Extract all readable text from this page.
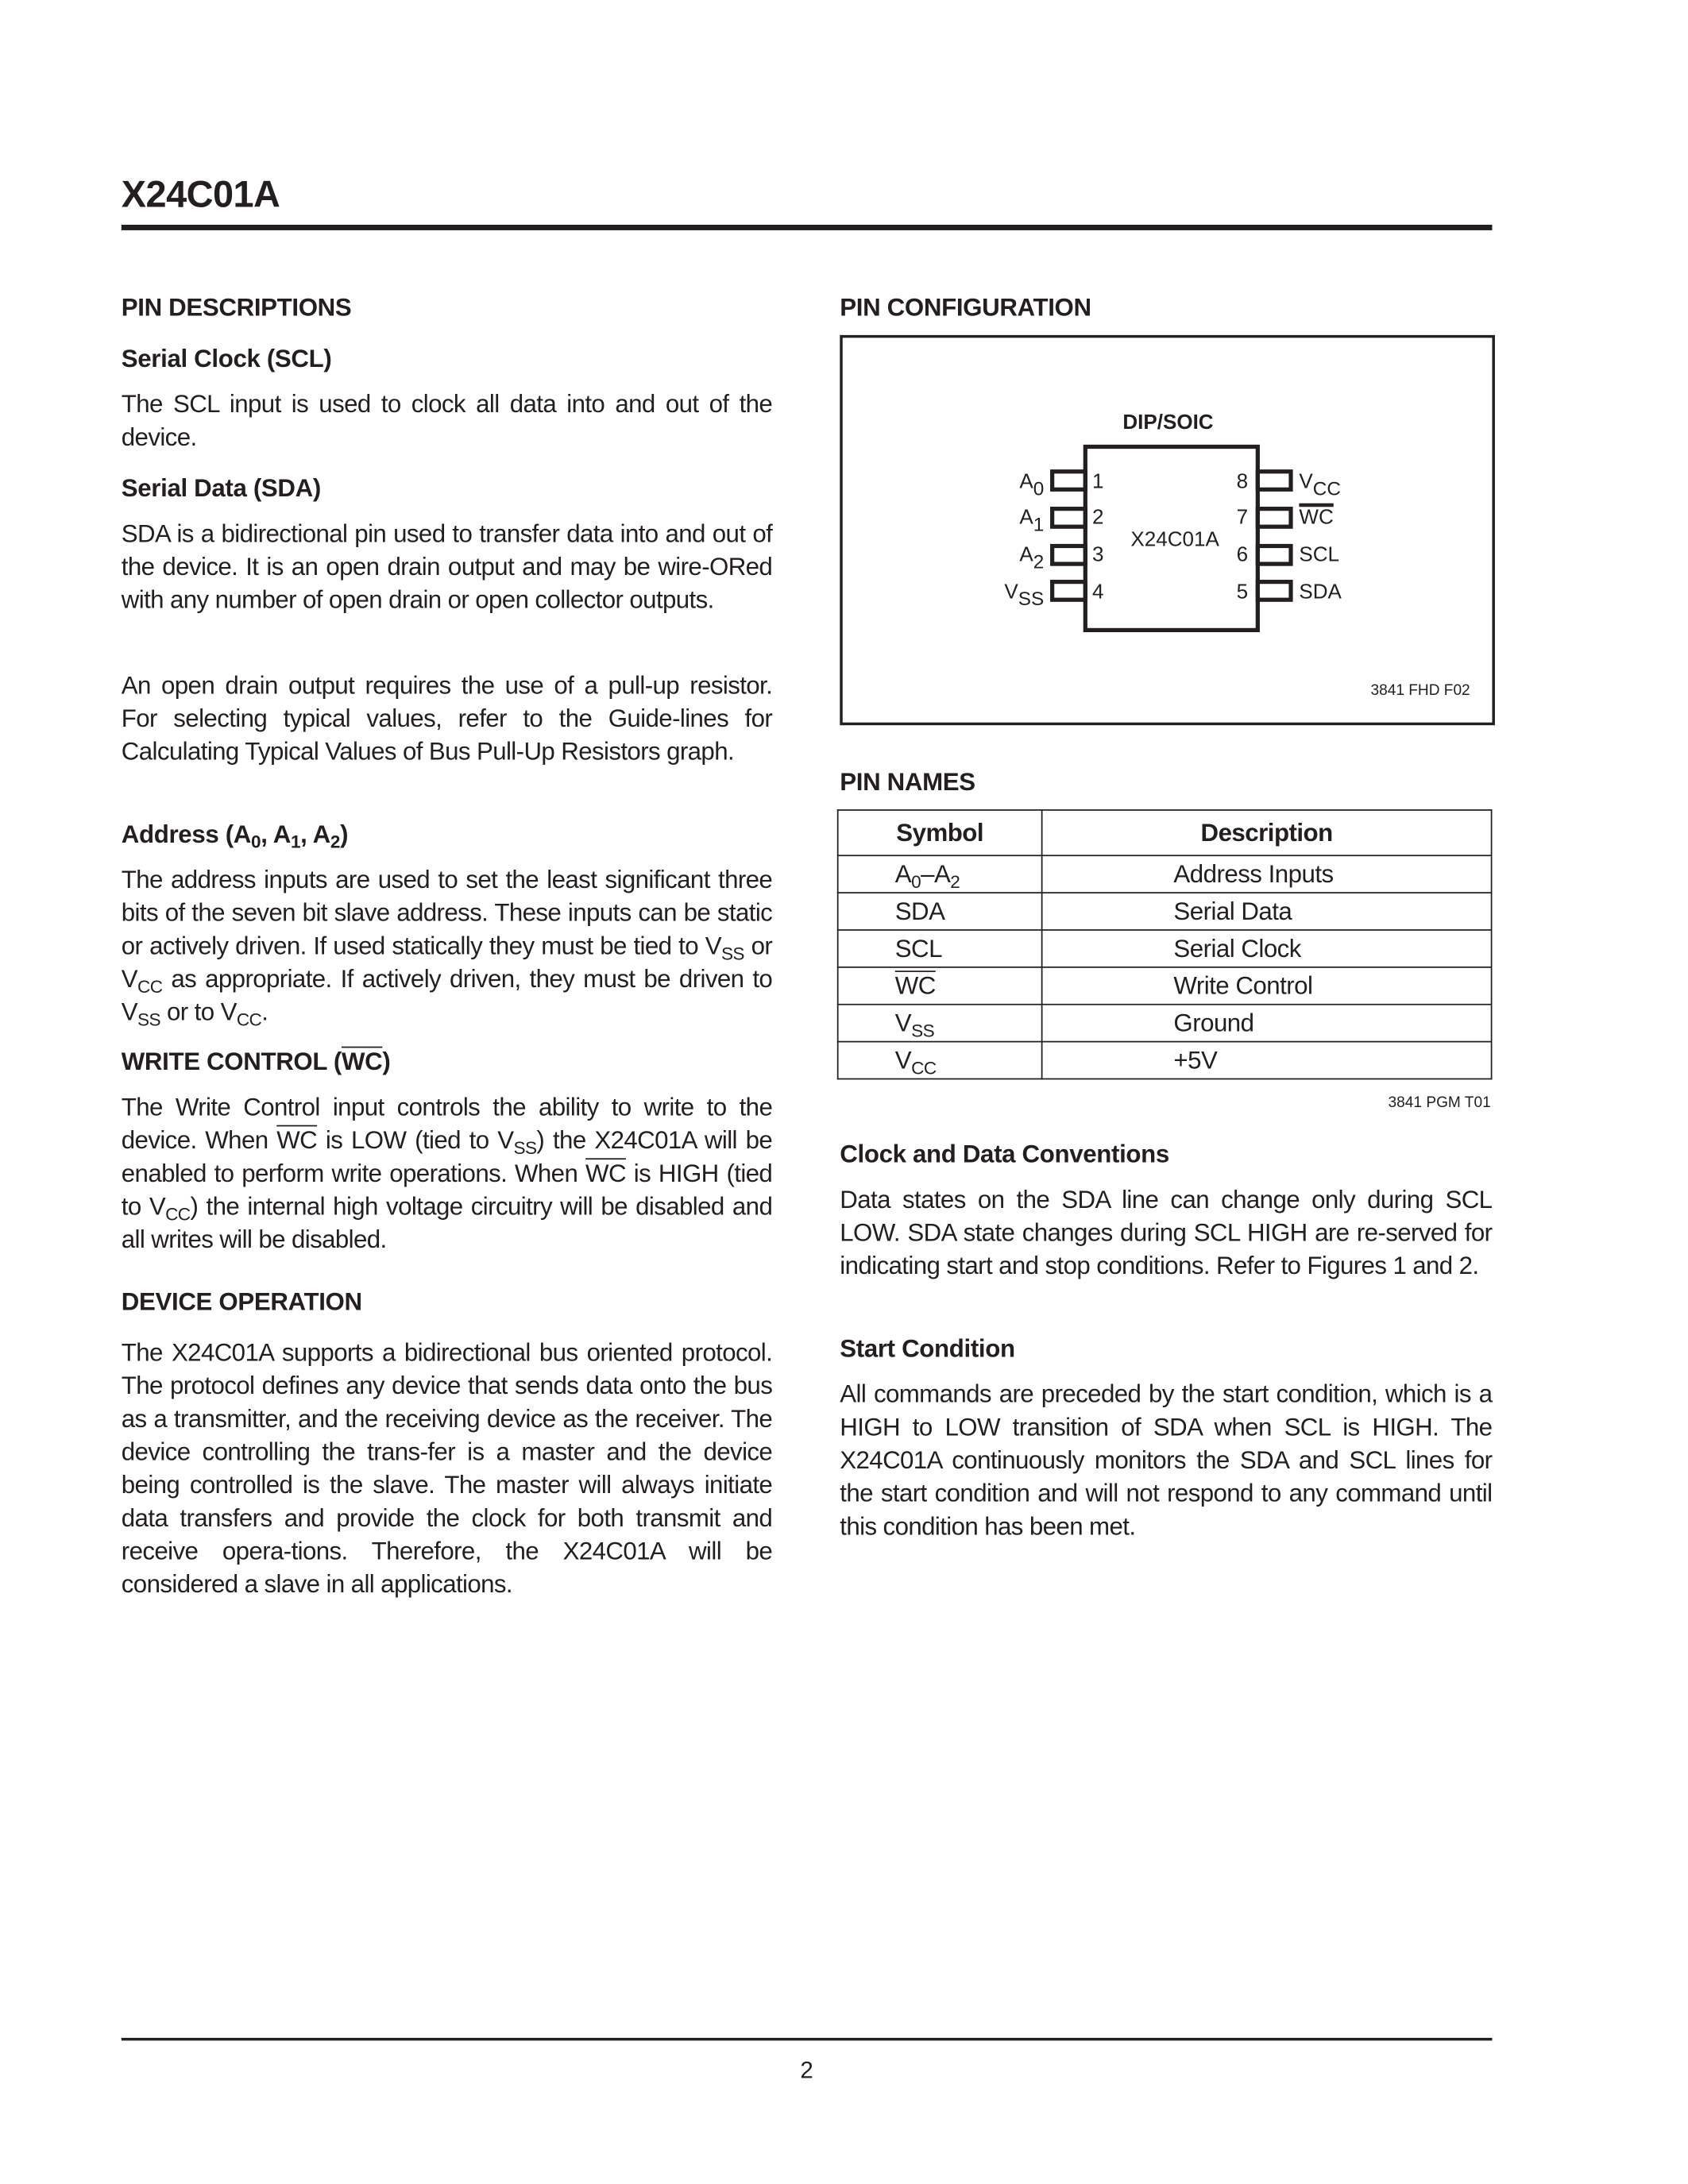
X24C01A
PIN DESCRIPTIONS
Serial Clock (SCL)

The SCL input is used to clock all data into and out of the device.

Serial Data (SDA)

SDA is a bidirectional pin used to transfer data into and out of the device. It is an open drain output and may be wire-ORed with any number of open drain or open collector outputs.

An open drain output requires the use of a pull-up resistor. For selecting typical values, refer to the Guide-lines for Calculating Typical Values of Bus Pull-Up Resistors graph.

Address ($A_0$, $A_1$, $A_2$)

The address inputs are used to set the least significant three bits of the seven bit slave address. These inputs can be static or actively driven. If used statically they must be tied to $V_{SS}$ or $V_{CC}$ as appropriate. If actively driven, they must be driven to $V_{SS}$ or to $V_{CC}$.

WRITE CONTROL (WC)

The Write Control input controls the ability to write to the device. When $\overline{WC}$ is LOW (tied to $V_{SS}$) the X24C01A will be enabled to perform write operations. When $\overline{WC}$ is HIGH (tied to $V_{CC}$) the internal high voltage circuitry will be disabled and all writes will be disabled.

DEVICE OPERATION

The X24C01A supports a bidirectional bus oriented protocol. The protocol defines any device that sends data onto the bus as a transmitter, and the receiving device as the receiver. The device controlling the trans-fer is a master and the device being controlled is the slave. The master will always initiate data transfers and provide the clock for both transmit and receive opera-tions. Therefore, the X24C01A will be considered a slave in all applications.

PIN CONFIGURATION
DIP/SOIC
X24C01A
1
2
3
4
A0
A1
A2
VSS
8
7
6
5
VCC
WC
SCL
SDA
3841 FHD F02
PIN NAMES
Symbol	Description
$A_0-A_2$	Address Inputs
SDA	Serial Data
SCL	Serial Clock
$\overline{WC}$	Write Control
$V_{SS}$	Ground
$V_{CC}$	+5V
3841 PGM T01
Clock and Data Conventions

Data states on the SDA line can change only during SCL LOW. SDA state changes during SCL HIGH are re-served for indicating start and stop conditions. Refer to Figures 1 and 2.

Start Condition

All commands are preceded by the start condition, which is a HIGH to LOW transition of SDA when SCL is HIGH. The X24C01A continuously monitors the SDA and SCL lines for the start condition and will not respond to any command until this condition has been met.

2
